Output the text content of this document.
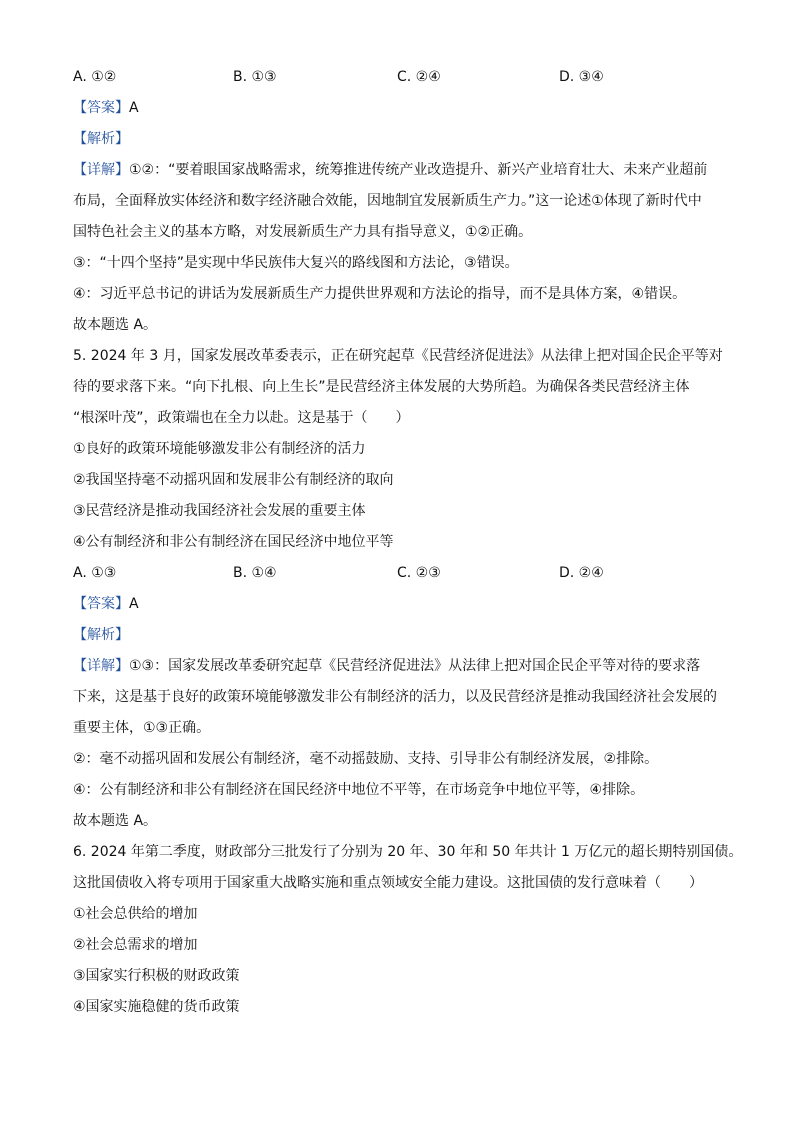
A. ①②	B. ①③	C. ②④	D. ③④
【答案】A
【解析】
【详解】①②：“要着眼国家战略需求，统筹推进传统产业改造提升、新兴产业培育壮大、未来产业超前
布局，全面释放实体经济和数字经济融合效能，因地制宜发展新质生产力。”这一论述①体现了新时代中
国特色社会主义的基本方略，对发展新质生产力具有指导意义，①②正确。
③：“十四个坚持”是实现中华民族伟大复兴的路线图和方法论，③错误。
④：习近平总书记的讲话为发展新质生产力提供世界观和方法论的指导，而不是具体方案，④错误。
故本题选 A。
5. 2024 年 3 月，国家发展改革委表示，正在研究起草《民营经济促进法》从法律上把对国企民企平等对
待的要求落下来。“向下扎根、向上生长”是民营经济主体发展的大势所趋。为确保各类民营经济主体
“根深叶茂”，政策端也在全力以赴。这是基于（　　）
①良好的政策环境能够激发非公有制经济的活力
②我国坚持毫不动摇巩固和发展非公有制经济的取向
③民营经济是推动我国经济社会发展的重要主体
④公有制经济和非公有制经济在国民经济中地位平等
A. ①③	B. ①④	C. ②③	D. ②④
【答案】A
【解析】
【详解】①③：国家发展改革委研究起草《民营经济促进法》从法律上把对国企民企平等对待的要求落
下来，这是基于良好的政策环境能够激发非公有制经济的活力，以及民营经济是推动我国经济社会发展的
重要主体，①③正确。
②：毫不动摇巩固和发展公有制经济，毫不动摇鼓励、支持、引导非公有制经济发展，②排除。
④：公有制经济和非公有制经济在国民经济中地位不平等，在市场竞争中地位平等，④排除。
故本题选 A。
6. 2024 年第二季度，财政部分三批发行了分别为 20 年、30 年和 50 年共计 1 万亿元的超长期特别国债。
这批国债收入将专项用于国家重大战略实施和重点领域安全能力建设。这批国债的发行意味着（　　）
①社会总供给的增加
②社会总需求的增加
③国家实行积极的财政政策
④国家实施稳健的货币政策
